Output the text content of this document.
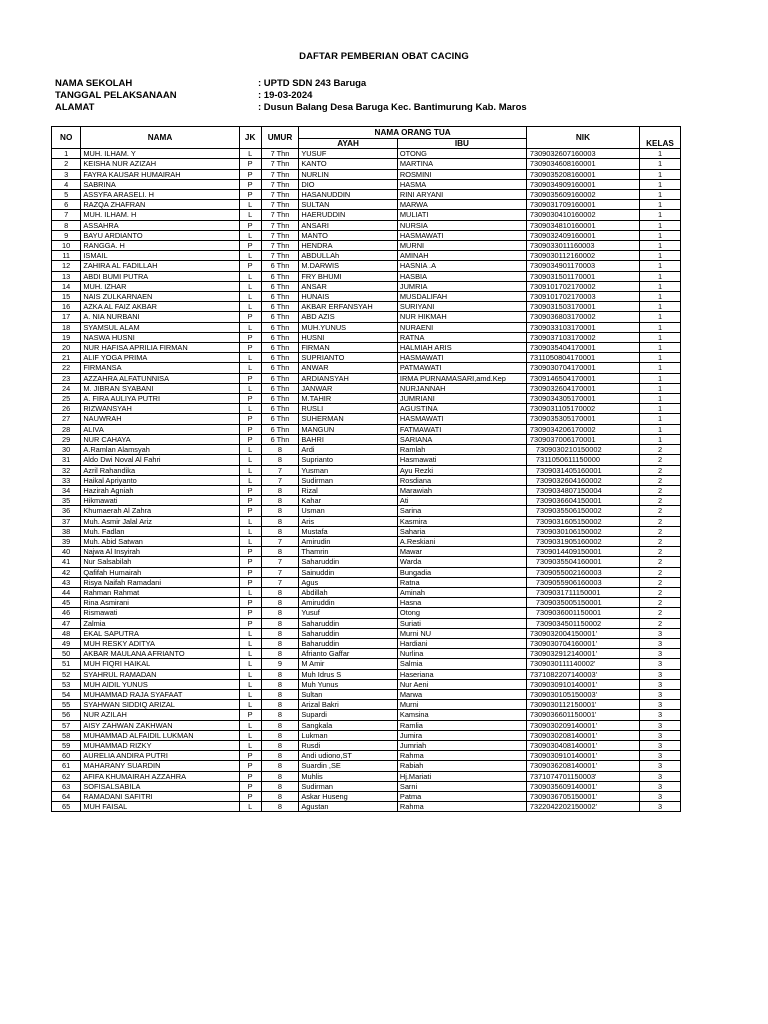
DAFTAR PEMBERIAN OBAT CACING
NAMA SEKOLAH	: UPTD SDN 243 Baruga
TANGGAL PELAKSANAAN	: 19-03-2024
ALAMAT	: Dusun Balang Desa Baruga Kec. Bantimurung Kab. Maros
NO	NAMA	JK	UMUR	NAMA ORANG TUA		NIK	KELAS
				AYAH	IBU		
1	MUH. ILHAM. Y	L	7 Thn	YUSUF	OTONG	7309032607160003	1
2	KEISHA NUR AZIZAH	P	7 Thn	KANTO	MARTINA	7309034608160001	1
3	FAYRA KAUSAR HUMAIRAH	P	7 Thn	NURLIN	ROSMINI	7309035208160001	1
4	SABRINA	P	7 Thn	DIO	HASMA	7309034909160001	1
5	ASSYFA ARASELI. H	P	7 Thn	HASANUDDIN	RINI ARYANI	7309035609160002	1
6	RAZQA ZHAFRAN	L	7 Thn	SULTAN	MARWA	7309031709160001	1
7	MUH. ILHAM. H	L	7 Thn	HAERUDDIN	MULIATI	7309030410160002	1
8	ASSAHRA	P	7 Thn	ANSARI	NURSIA	7309034810160001	1
9	BAYU ARDIANTO	L	7 Thn	MANTO	HASMAWATI	7309032409160001	1
10	RANGGA. H	P	7 Thn	HENDRA	MURNI	7309033011160003	1
11	ISMAIL	L	7 Thn	ABDULLAh	AMINAH	7309030112160002	1
12	ZAHIRA AL FADILLAH	P	6 Thn	M.DARWIS	HASNIA .A	7309034901170003	1
13	ABDI BUMI PUTRA	L	6 Thn	FRY BHUMI	HASBIA	7309031501170001	1
14	MUH. IZHAR	L	6 Thn	ANSAR	JUMRIA	7309101702170002	1
15	NAIS ZULKARNAEN	L	6 Thn	HUNAIS	MUSDALIFAH	7309101702170003	1
16	AZKA AL FAIZ AKBAR	L	6 Thn	AKBAR ERFANSYAH	SURIYANI	7309031503170001	1
17	A. NIA NURBANI	P	6 Thn	ABD AZIS	NUR HIKMAH	7309036803170002	1
18	SYAMSUL ALAM	L	6 Thn	MUH.YUNUS	NURAENI	7309033103170001	1
19	NASWA HUSNI	P	6 Thn	HUSNI	RATNA	7309037103170002	1
20	NUR HAFISA APRILIA FIRMAN	P	6 Thn	FIRMAN	HALMIAH ARIS	7309035404170001	1
21	ALIF YOGA PRIMA	L	6 Thn	SUPRIANTO	HASMAWATI	7311050804170001	1
22	FIRMANSA	L	6 Thn	ANWAR	PATMAWATI	7309030704170001	1
23	AZZAHRA ALFATUNNISA	P	6 Thn	ARDIANSYAH	IRMA PURNAMASARI,amd.Kep	7309146504170001	1
24	M. JIBRAN SYABANI	L	6 Thn	JANWAR	NURJANNAH	7309032604170001	1
25	A. FIRA AULIYA PUTRI	P	6 Thn	M.TAHIR	JUMRIANI	7309034305170001	1
26	RIZWANSYAH	L	6 Thn	RUSLI	AGUSTINA	7309031105170002	1
27	NAUWRAH	P	6 Thn	SUHERMAN	HASMAWATI	7309035305170001	1
28	ALIVA	P	6 Thn	MANGUN	FATMAWATI	7309034206170002	1
29	NUR CAHAYA	P	6 Thn	BAHRI	SARIANA	7309037006170001	1
30	A.Ramlan Alamsyah	L	8	Ardi	Ramlah	7309030210150002	2
31	Aldo Dwi Noval Al Fahri	L	8	Suprianto	Hasmawati	7311050611150000	2
32	Azril Rahandika	L	7	Yusman	Ayu Rezki	7309031405160001	2
33	Haikal Apriyanto	L	7	Sudirman	Rosdiana	7309032604160002	2
34	Hazirah Agniah	P	8	Rizal	Marawiah	7309034807150004	2
35	Hikmawati	P	8	Kahar	Ati	7309036604150001	2
36	Khumaerah Al Zahra	P	8	Usman	Sarina	7309035506150002	2
37	Muh. Asmir Jalal Ariz	L	8	Aris	Kasmira	7309031605150002	2
38	Muh. Fadlan	L	8	Mustafa	Saharia	7309030106150002	2
39	Muh. Abid Satwan	L	7	Amirudin	A.Reskiani	7309031905160002	2
40	Najwa Al Insyirah	P	8	Thamrin	Mawar	7309014409150001	2
41	Nur Salsabilah	P	7	Saharuddin	Warda	7309035504160001	2
42	Qafifah Humairah	P	7	Sainuddin	Bungadia	7309055002160003	2
43	Risya Naifah Ramadani	P	7	Agus	Ratna	7309055906160003	2
44	Rahman Rahmat	L	8	Abdillah	Aminah	7309031711150001	2
45	Rina Asmirani	P	8	Amiruddin	Hasna	7309035005150001	2
46	Rismawati	P	8	Yusuf	Otong	7309036001150001	2
47	Zalmia	P	8	Saharuddin	Suriati	7309034501150002	2
48	EKAL SAPUTRA	L	8	Saharuddin	Murni NU	7309032004150001'	3
49	MUH RESKY ADITYA	L	8	Baharuddin	Hardiani	7309030704160001'	3
50	AKBAR MAULANA AFRIANTO	L	8	Afrianto Gaffar	Nurlina	7309032912140001'	3
51	MUH FIQRI HAIKAL	L	9	M Amir	Salmia	7309030111140002'	3
52	SYAHRUL RAMADAN	L	8	Muh Idrus S	Haseriana	7371082207140003'	3
53	MUH AIDIL YUNUS	L	8	Muh Yunus	Nur Aeni	7309030910140001'	3
54	MUHAMMAD RAJA SYAFAAT	L	8	Sultan	Marwa	7309030105150003'	3
55	SYAHWAN SIDDIQ ARIZAL	L	8	Arizal Bakri	Murni	7309030112150001'	3
56	NUR AZILAH	P	8	Supardi	Kamsina	7309036601150001'	3
57	AISY ZAHWAN ZAKHWAN	L	8	Sangkala	Ramlia	7309030209140001'	3
58	MUHAMMAD ALFAIDIL LUKMAN	L	8	Lukman	Jumira	7309030208140001'	3
59	MUHAMMAD RIZKY	L	8	Rusdi	Jumriah	7309030408140001'	3
60	AURELIA ANDIRA PUTRI	P	8	Andi udiono,ST	Rahma	7309030910140001'	3
61	MAHARANY SUARDIN	P	8	Suardin ,SE	Rabiah	7309036208140001'	3
62	AFIFA KHUMAIRAH AZZAHRA	P	8	Muhlis	Hj.Mariati	7371074701150003'	3
63	SOFISALSABILA	P	8	Sudirman	Sarni	7309035609140001'	3
64	RAMADANI SAFITRI	P	8	Askar Huseng	Patma	7309036705150001'	3
65	MUH FAISAL	L	8	Agustan	Rahma	7322042202150002'	3
